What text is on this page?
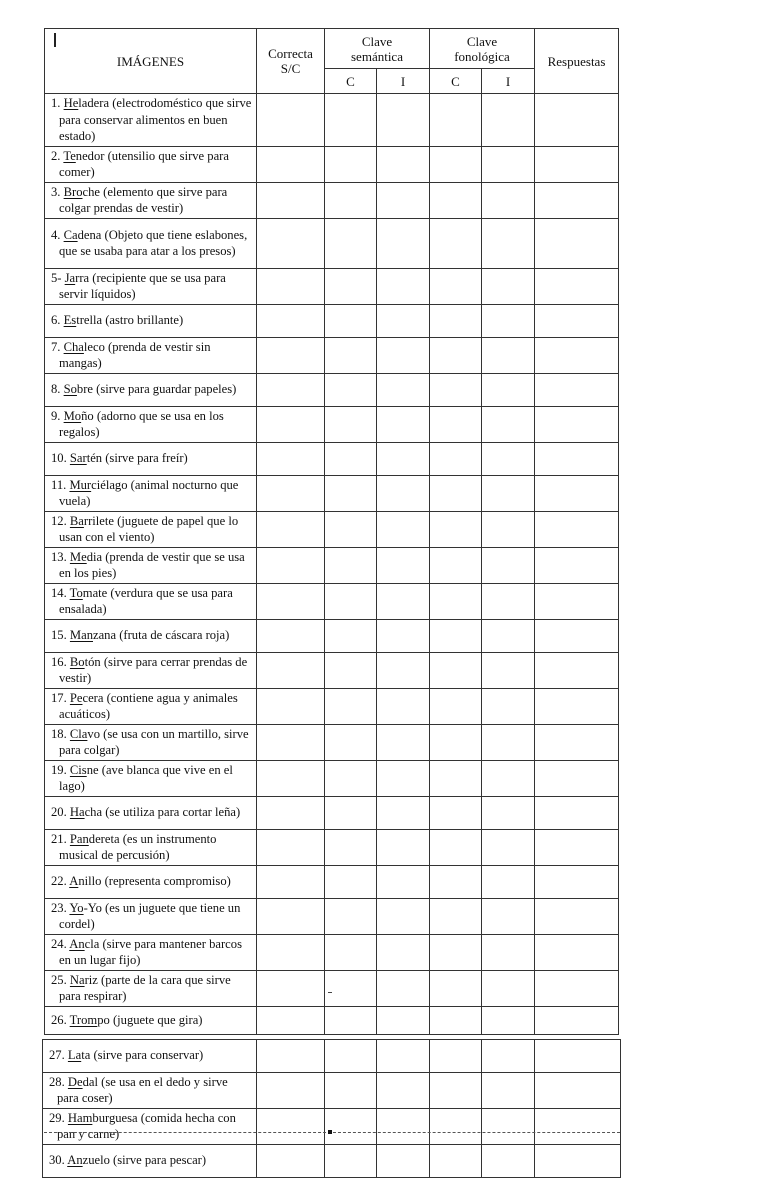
IMÁGENES	Correcta S/C	Clave semántica		Clave fonológica		Respuestas
		C	I	C	I	
1. Heladera (electrodoméstico que sirve para conservar alimentos en buen estado)						
2. Tenedor (utensilio que sirve para comer)						
3. Broche (elemento que sirve para colgar prendas de vestir)						
4. Cadena (Objeto que tiene eslabones, que se usaba para atar a los presos)						
5- Jarra (recipiente que se usa para servir líquidos)						
6. Estrella (astro brillante)						
7. Chaleco (prenda de vestir sin mangas)						
8. Sobre (sirve para guardar papeles)						
9. Moño (adorno que se usa en los regalos)						
10. Sartén (sirve para freír)						
11. Murciélago (animal nocturno que vuela)						
12. Barrilete (juguete de papel que lo usan con el viento)						
13. Media (prenda de vestir que se usa en los pies)						
14. Tomate (verdura que se usa para ensalada)						
15. Manzana (fruta de cáscara roja)						
16. Botón (sirve para cerrar prendas de vestir)						
17. Pecera (contiene agua y animales acuáticos)						
18. Clavo (se usa con un martillo, sirve para colgar)						
19. Cisne (ave blanca que vive en el lago)						
20. Hacha (se utiliza para cortar leña)						
21. Pandereta (es un instrumento musical de percusión)						
22. Anillo (representa compromiso)						
23. Yo-Yo (es un juguete que tiene un cordel)						
24. Ancla (sirve para mantener barcos en un lugar fijo)						
25. Nariz (parte de la cara que sirve para respirar)						
26. Trompo (juguete que gira)						
27. Lata (sirve para conservar)						
28. Dedal (se usa en el dedo y sirve para coser)						
29. Hamburguesa (comida hecha con pan y carne)						
30. Anzuelo (sirve para pescar)						
